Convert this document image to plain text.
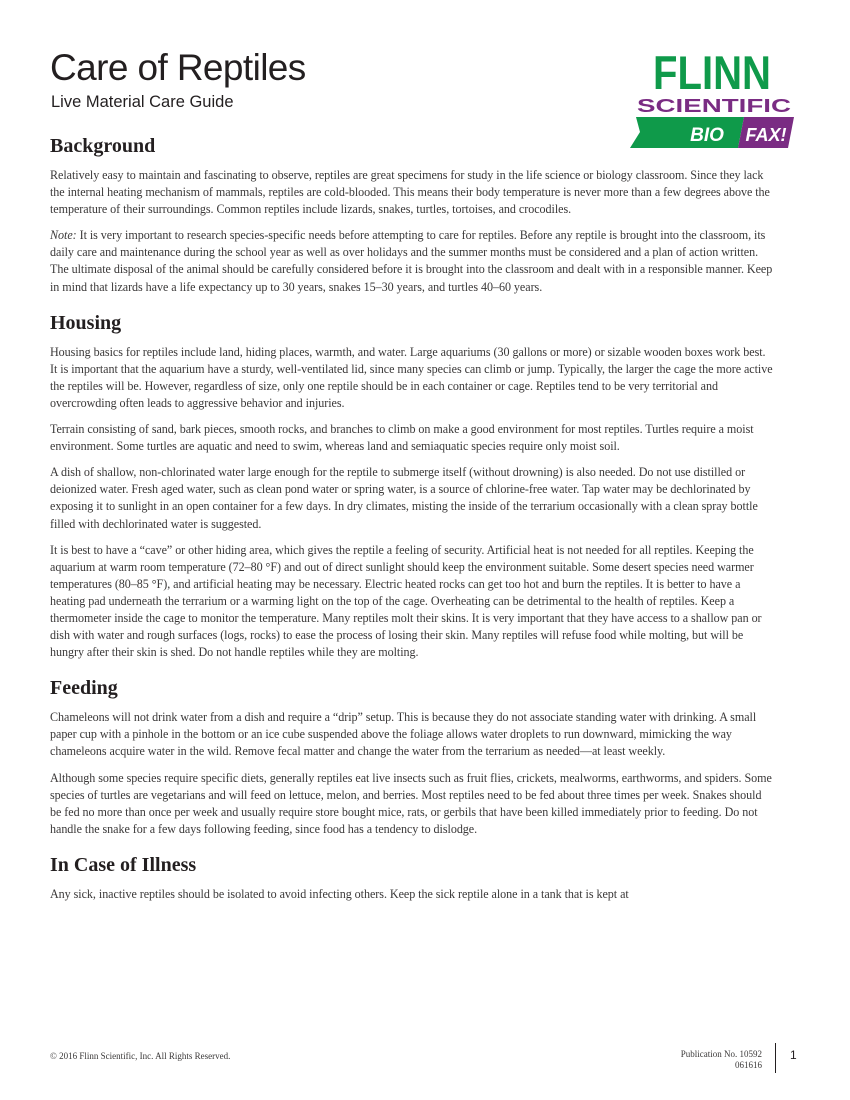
Care of Reptiles
Live Material Care Guide
FLINN
SCIENTIFIC
BIO FAX!
Background

Relatively easy to maintain and fascinating to observe, reptiles are great specimens for study in the life science or biology classroom. Since they lack the internal heating mechanism of mammals, reptiles are cold-blooded. This means their body temperature is never more than a few degrees above the temperature of their surroundings. Common reptiles include lizards, snakes, turtles, tortoises, and crocodiles.

Note: It is very important to research species-specific needs before attempting to care for reptiles. Before any reptile is brought into the classroom, its daily care and maintenance during the school year as well as over holidays and the summer months must be considered and a plan of action written. The ultimate disposal of the animal should be carefully considered before it is brought into the classroom and dealt with in a responsible manner. Keep in mind that lizards have a life expectancy up to 30 years, snakes 15–30 years, and turtles 40–60 years.

Housing

Housing basics for reptiles include land, hiding places, warmth, and water. Large aquariums (30 gallons or more) or sizable wooden boxes work best. It is important that the aquarium have a sturdy, well-ventilated lid, since many species can climb or jump. Typically, the larger the cage the more active the reptiles will be. However, regardless of size, only one reptile should be in each container or cage. Reptiles tend to be very territorial and overcrowding often leads to aggressive behavior and injuries.

Terrain consisting of sand, bark pieces, smooth rocks, and branches to climb on make a good environment for most reptiles. Turtles require a moist environment. Some turtles are aquatic and need to swim, whereas land and semiaquatic species require only moist soil.

A dish of shallow, non-chlorinated water large enough for the reptile to submerge itself (without drowning) is also needed. Do not use distilled or deionized water. Fresh aged water, such as clean pond water or spring water, is a source of chlorine-free water. Tap water may be dechlorinated by exposing it to sunlight in an open container for a few days. In dry climates, misting the inside of the terrarium occasionally with a clean spray bottle filled with dechlorinated water is suggested.

It is best to have a “cave” or other hiding area, which gives the reptile a feeling of security. Artificial heat is not needed for all reptiles. Keeping the aquarium at warm room temperature (72–80 °F) and out of direct sunlight should keep the environment suitable. Some desert species need warmer temperatures (80–85 °F), and artificial heating may be necessary. Electric heated rocks can get too hot and burn the reptiles. It is better to have a heating pad underneath the terrarium or a warming light on the top of the cage. Overheating can be detrimental to the health of reptiles. Keep a thermometer inside the cage to monitor the temperature. Many reptiles molt their skins. It is very important that they have access to a shallow pan or dish with water and rough surfaces (logs, rocks) to ease the process of losing their skin. Many reptiles will refuse food while molting, but will be hungry after their skin is shed. Do not handle reptiles while they are molting.

Feeding

Chameleons will not drink water from a dish and require a “drip” setup. This is because they do not associate standing water with drinking. A small paper cup with a pinhole in the bottom or an ice cube suspended above the foliage allows water droplets to run downward, mimicking the way chameleons acquire water in the wild. Remove fecal matter and change the water from the terrarium as needed—at least weekly.

Although some species require specific diets, generally reptiles eat live insects such as fruit flies, crickets, mealworms, earthworms, and spiders. Some species of turtles are vegetarians and will feed on lettuce, melon, and berries. Most reptiles need to be fed about three times per week. Snakes should be fed no more than once per week and usually require store bought mice, rats, or gerbils that have been killed immediately prior to feeding. Do not handle the snake for a few days following feeding, since food has a tendency to dislodge.

In Case of Illness

Any sick, inactive reptiles should be isolated to avoid infecting others. Keep the sick reptile alone in a tank that is kept at

© 2016 Flinn Scientific, Inc. All Rights Reserved.	Publication No. 10592
061616
1
